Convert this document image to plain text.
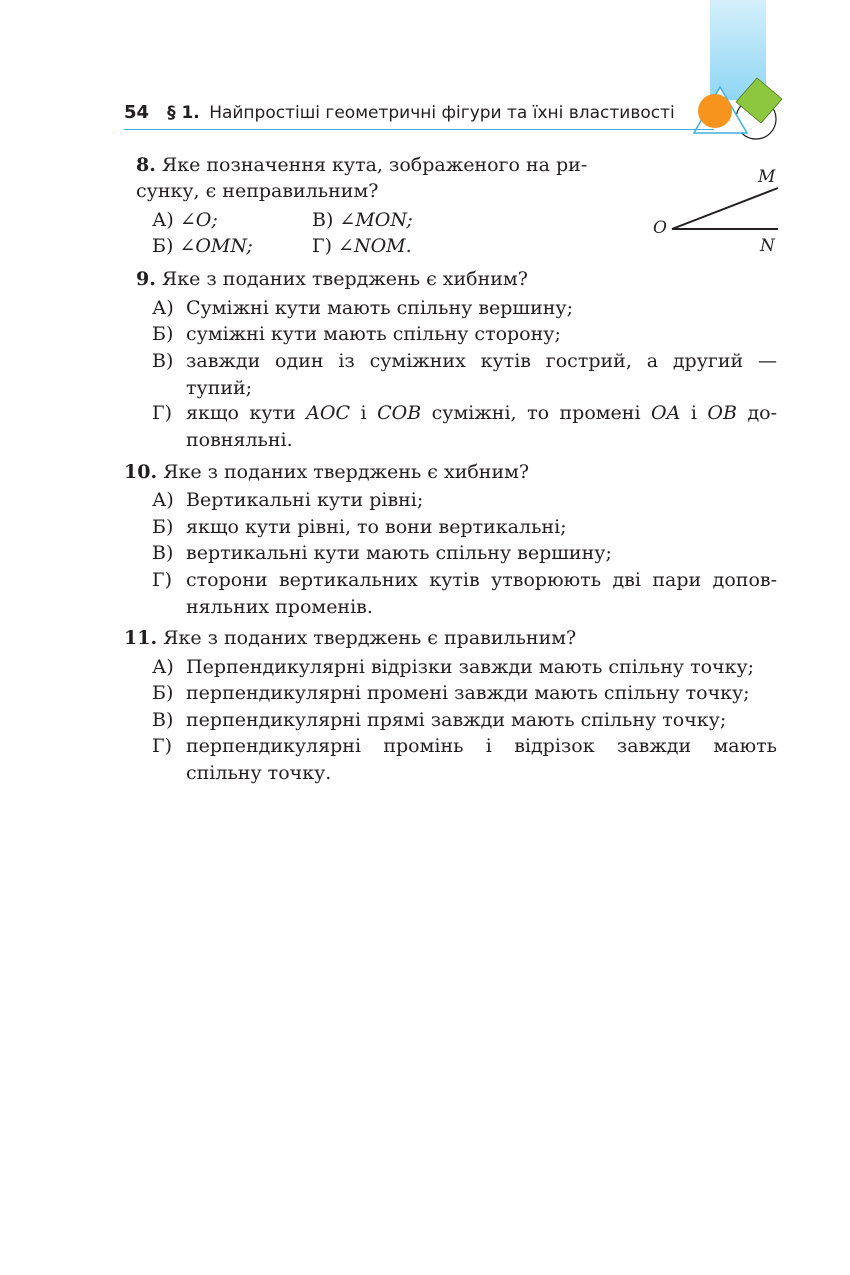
54 § 1. Найпростіші геометричні фігури та їхні властивості
8. Яке позначення кута, зображеного на ри-
сунку, є неправильним?
А) ∠O;	В) ∠MON;
Б) ∠OMN;	Г) ∠NOM.
O
M
N
9. Яке з поданих тверджень є хибним?
А) Суміжні кути мають спільну вершину;
Б) суміжні кути мають спільну сторону;
В) завжди один із суміжних кутів гострий, а другий —
тупий;
Г) якщо кути AOC і COB суміжні, то промені OA і OB до-
повняльні.
10. Яке з поданих тверджень є хибним?
А) Вертикальні кути рівні;
Б) якщо кути рівні, то вони вертикальні;
В) вертикальні кути мають спільну вершину;
Г) сторони вертикальних кутів утворюють дві пари допов-
няльних променів.
11. Яке з поданих тверджень є правильним?
А) Перпендикулярні відрізки завжди мають спільну точку;
Б) перпендикулярні промені завжди мають спільну точку;
В) перпендикулярні прямі завжди мають спільну точку;
Г) перпендикулярні промінь і відрізок завжди мають
спільну точку.
